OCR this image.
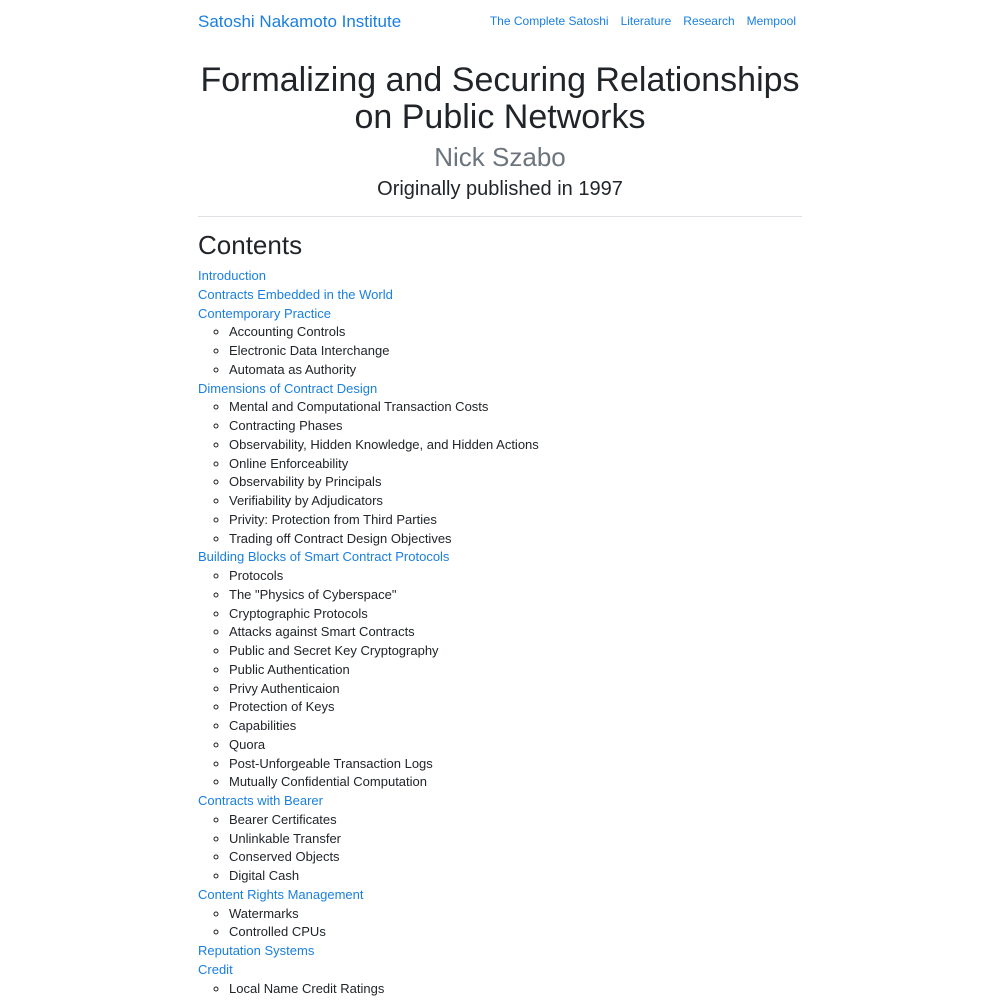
Satoshi Nakamoto Institute	The Complete Satoshi Literature Research Mempool
Formalizing and Securing Relationships on Public Networks
Nick Szabo

Originally published in 1997

Contents
Introduction
Contracts Embedded in the World
Contemporary Practice
◦ Accounting Controls
◦ Electronic Data Interchange
◦ Automata as Authority
Dimensions of Contract Design
◦ Mental and Computational Transaction Costs
◦ Contracting Phases
◦ Observability, Hidden Knowledge, and Hidden Actions
◦ Online Enforceability
◦ Observability by Principals
◦ Verifiability by Adjudicators
◦ Privity: Protection from Third Parties
◦ Trading off Contract Design Objectives
Building Blocks of Smart Contract Protocols
◦ Protocols
◦ The "Physics of Cyberspace"
◦ Cryptographic Protocols
◦ Attacks against Smart Contracts
◦ Public and Secret Key Cryptography
◦ Public Authentication
◦ Privy Authenticaion
◦ Protection of Keys
◦ Capabilities
◦ Quora
◦ Post-Unforgeable Transaction Logs
◦ Mutually Confidential Computation
Contracts with Bearer
◦ Bearer Certificates
◦ Unlinkable Transfer
◦ Conserved Objects
◦ Digital Cash
Content Rights Management
◦ Watermarks
◦ Controlled CPUs
Reputation Systems
Credit
◦ Local Name Credit Ratings
